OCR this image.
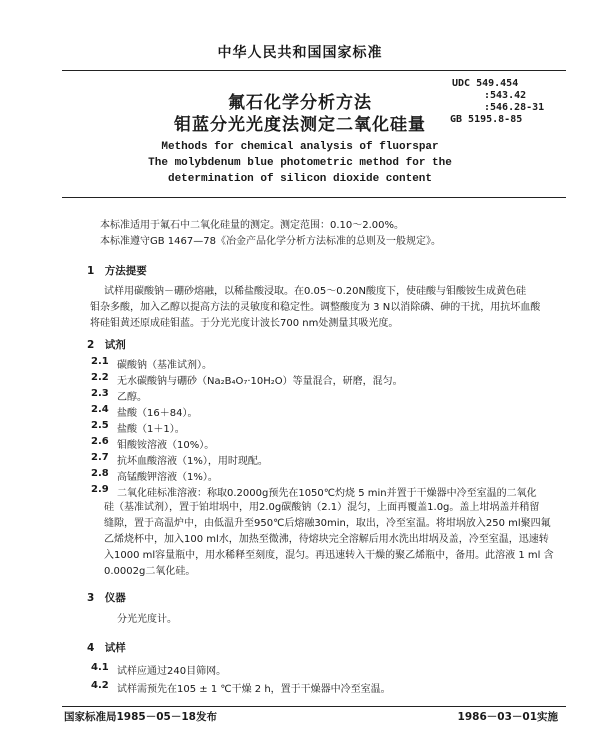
中华人民共和国国家标准
氟石化学分析方法
钼蓝分光光度法测定二氧化硅量
UDC 549.454
:543.42
:546.28-31
GB 5195.8-85
Methods for chemical analysis of fluorspar
The molybdenum blue photometric method for the
determination of silicon dioxide content
本标准适用于氟石中二氧化硅量的测定。测定范围：0.10～2.00%。
本标准遵守GB 1467—78《冶金产品化学分析方法标准的总则及一般规定》。
1　方法提要
试样用碳酸钠－硼砂熔融，以稀盐酸浸取。在0.05～0.20N酸度下，使硅酸与钼酸铵生成黄色硅
钼杂多酸，加入乙醇以提高方法的灵敏度和稳定性。调整酸度为 3 N以消除磷、砷的干扰，用抗坏血酸
将硅钼黄还原成硅钼蓝。于分光光度计波长700 nm处测量其吸光度。
2　试剂
2.1 碳酸钠（基准试剂）。
2.2 无水碳酸钠与硼砂（Na₂B₄O₇·10H₂O）等量混合，研磨，混匀。
2.3 乙醇。
2.4 盐酸（16＋84）。
2.5 盐酸（1＋1）。
2.6 钼酸铵溶液（10%）。
2.7 抗坏血酸溶液（1%），用时现配。
2.8 高锰酸钾溶液（1%）。
2.9 二氧化硅标准溶液：称取0.2000g预先在1050℃灼烧 5 min并置于干燥器中冷至室温的二氧化
硅（基准试剂），置于铂坩埚中，用2.0g碳酸钠（2.1）混匀，上面再覆盖1.0g。盖上坩埚盖并稍留
缝隙，置于高温炉中，由低温升至950℃后熔融30min，取出，冷至室温。将坩埚放入250 ml聚四氟
乙烯烧杯中，加入100 ml水，加热至微沸，待熔块完全溶解后用水洗出坩埚及盖，冷至室温，迅速转
入1000 ml容量瓶中，用水稀释至刻度，混匀。再迅速转入干燥的聚乙烯瓶中，备用。此溶液 1 ml 含
0.0002g二氧化硅。
3　仪器
分光光度计。
4　试样
4.1 试样应通过240目筛网。
4.2 试样需预先在105 ± 1 ℃干燥 2 h，置于干燥器中冷至室温。
国家标准局1985－05－18发布	1986－03－01实施
